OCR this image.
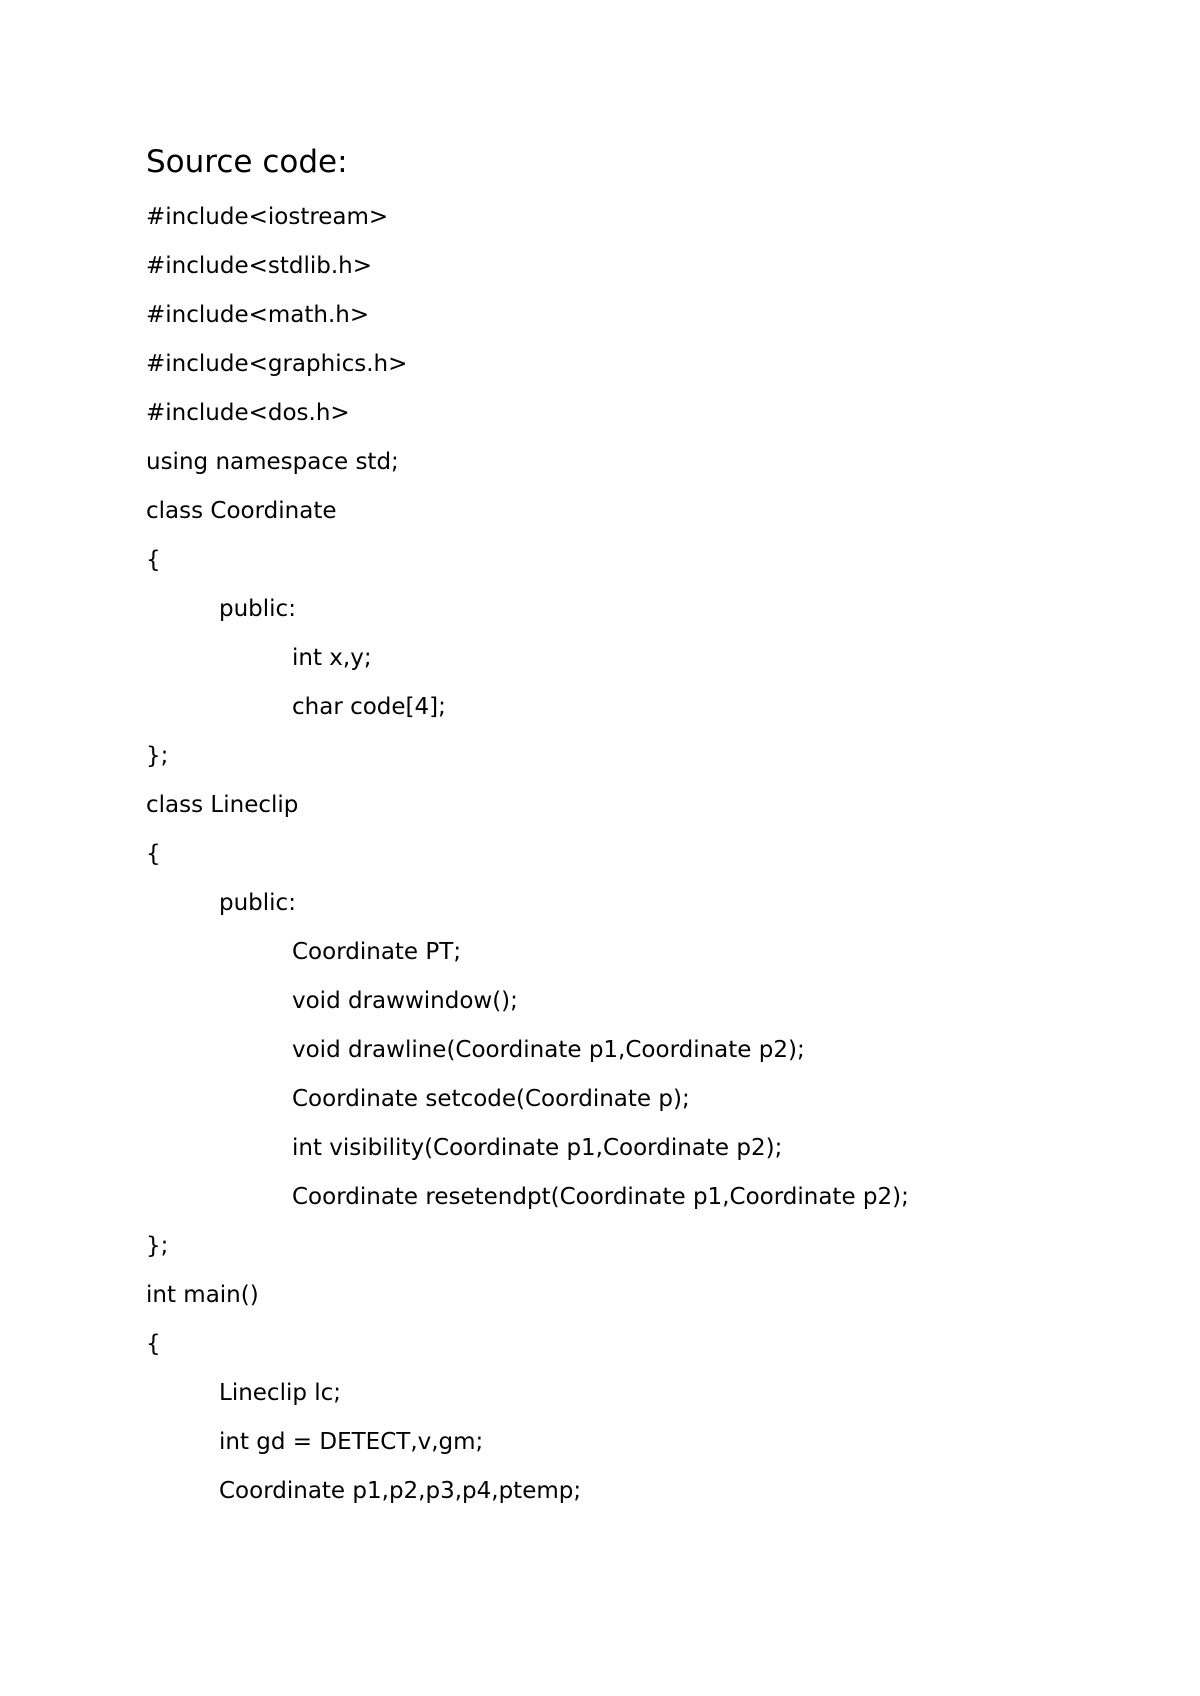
Source code:
#include<iostream>
#include<stdlib.h>
#include<math.h>
#include<graphics.h>
#include<dos.h>
using namespace std;
class Coordinate
{
public:
int x,y;
char code[4];
};
class Lineclip
{
public:
Coordinate PT;
void drawwindow();
void drawline(Coordinate p1,Coordinate p2);
Coordinate setcode(Coordinate p);
int visibility(Coordinate p1,Coordinate p2);
Coordinate resetendpt(Coordinate p1,Coordinate p2);
};
int main()
{
Lineclip lc;
int gd = DETECT,v,gm;
Coordinate p1,p2,p3,p4,ptemp;
